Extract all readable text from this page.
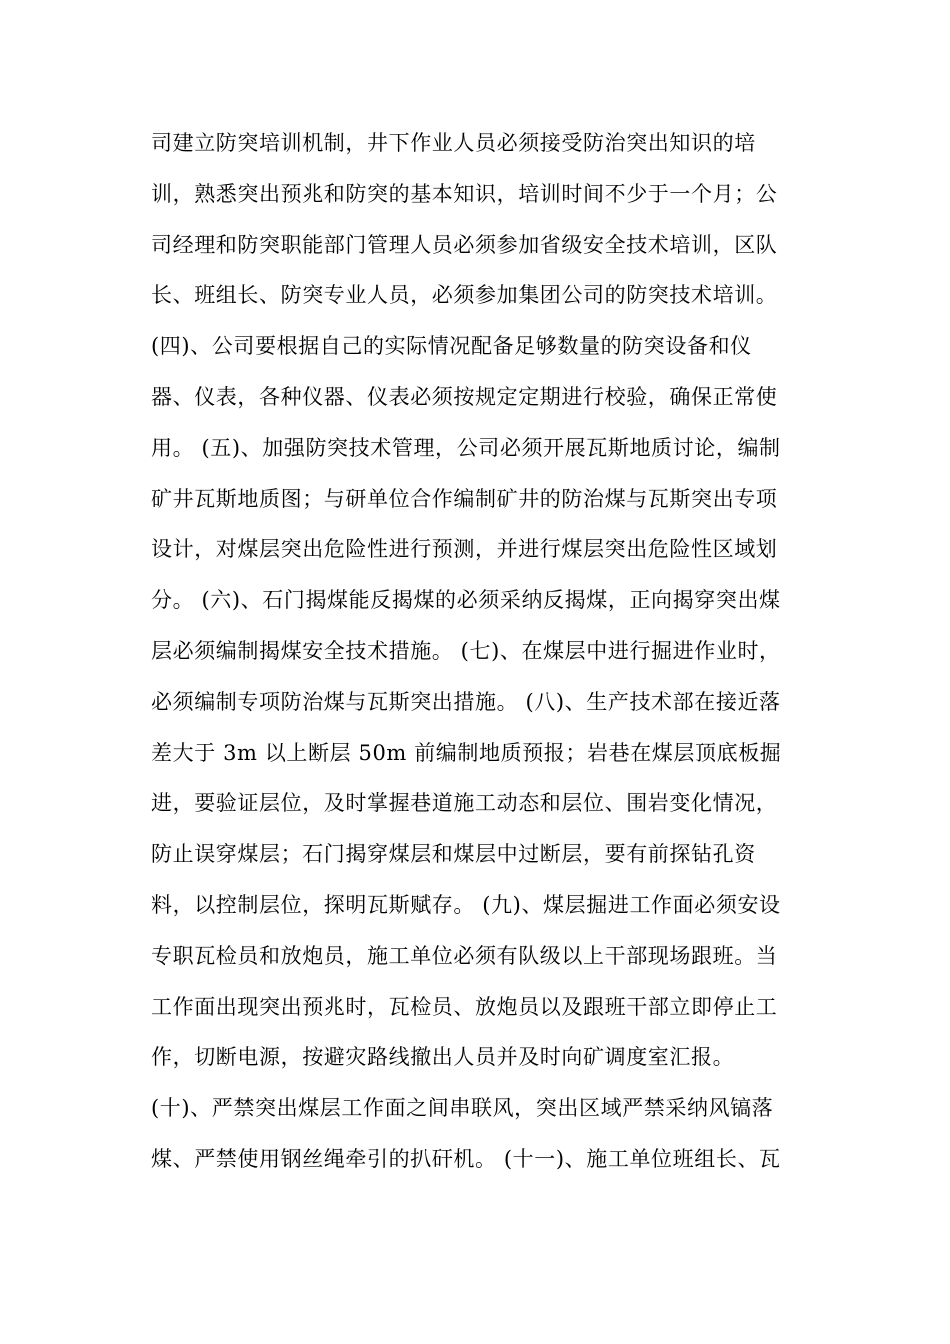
司建立防突培训机制，井下作业人员必须接受防治突出知识的培
训，熟悉突出预兆和防突的基本知识，培训时间不少于一个月；公
司经理和防突职能部门管理人员必须参加省级安全技术培训，区队
长、班组长、防突专业人员，必须参加集团公司的防突技术培训。
(四)、公司要根据自己的实际情况配备足够数量的防突设备和仪
器、仪表，各种仪器、仪表必须按规定定期进行校验，确保正常使
用。 (五)、加强防突技术管理，公司必须开展瓦斯地质讨论，编制
矿井瓦斯地质图；与研单位合作编制矿井的防治煤与瓦斯突出专项
设计，对煤层突出危险性进行预测，并进行煤层突出危险性区域划
分。 (六)、石门揭煤能反揭煤的必须采纳反揭煤，正向揭穿突出煤
层必须编制揭煤安全技术措施。 (七)、在煤层中进行掘进作业时，
必须编制专项防治煤与瓦斯突出措施。 (八)、生产技术部在接近落
差大于 3m 以上断层 50m 前编制地质预报；岩巷在煤层顶底板掘
进，要验证层位，及时掌握巷道施工动态和层位、围岩变化情况，
防止误穿煤层；石门揭穿煤层和煤层中过断层，要有前探钻孔资
料，以控制层位，探明瓦斯赋存。 (九)、煤层掘进工作面必须安设
专职瓦检员和放炮员，施工单位必须有队级以上干部现场跟班。当
工作面出现突出预兆时，瓦检员、放炮员以及跟班干部立即停止工
作，切断电源，按避灾路线撤出人员并及时向矿调度室汇报。
(十)、严禁突出煤层工作面之间串联风，突出区域严禁采纳风镐落
煤、严禁使用钢丝绳牵引的扒矸机。 (十一)、施工单位班组长、瓦
